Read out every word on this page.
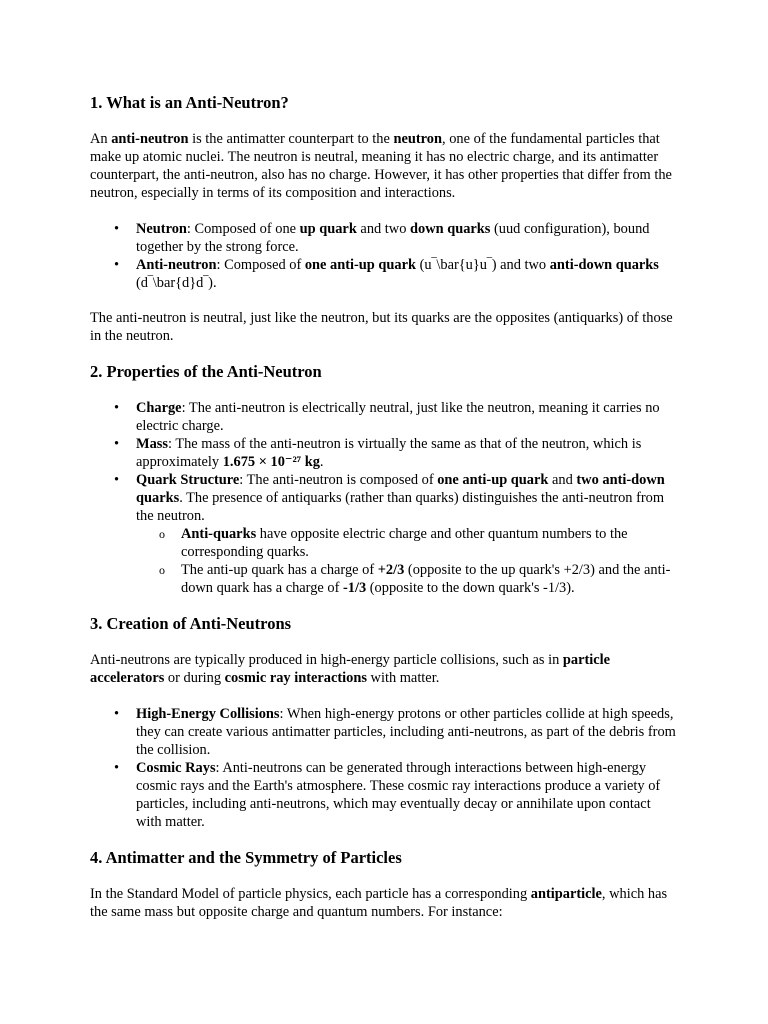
1. What is an Anti-Neutron?

An anti-neutron is the antimatter counterpart to the neutron, one of the fundamental particles that make up atomic nuclei. The neutron is neutral, meaning it has no electric charge, and its antimatter counterpart, the anti-neutron, also has no charge. However, it has other properties that differ from the neutron, especially in terms of its composition and interactions.

• Neutron: Composed of one up quark and two down quarks (uud configuration), bound together by the strong force.
• Anti-neutron: Composed of one anti-up quark (u‾\bar{u}u‾) and two anti-down quarks (d‾\bar{d}d‾).

The anti-neutron is neutral, just like the neutron, but its quarks are the opposites (antiquarks) of those in the neutron.

2. Properties of the Anti-Neutron
• Charge: The anti-neutron is electrically neutral, just like the neutron, meaning it carries no electric charge.
• Mass: The mass of the anti-neutron is virtually the same as that of the neutron, which is approximately 1.675 × 10⁻²⁷ kg.
• Quark Structure: The anti-neutron is composed of one anti-up quark and two anti-down quarks. The presence of antiquarks (rather than quarks) distinguishes the anti-neutron from the neutron.
o Anti-quarks have opposite electric charge and other quantum numbers to the corresponding quarks.
o The anti-up quark has a charge of +2/3 (opposite to the up quark's +2/3) and the anti-down quark has a charge of -1/3 (opposite to the down quark's -1/3).
3. Creation of Anti-Neutrons

Anti-neutrons are typically produced in high-energy particle collisions, such as in particle accelerators or during cosmic ray interactions with matter.

• High-Energy Collisions: When high-energy protons or other particles collide at high speeds, they can create various antimatter particles, including anti-neutrons, as part of the debris from the collision.
• Cosmic Rays: Anti-neutrons can be generated through interactions between high-energy cosmic rays and the Earth's atmosphere. These cosmic ray interactions produce a variety of particles, including anti-neutrons, which may eventually decay or annihilate upon contact with matter.
4. Antimatter and the Symmetry of Particles

In the Standard Model of particle physics, each particle has a corresponding antiparticle, which has the same mass but opposite charge and quantum numbers. For instance:
